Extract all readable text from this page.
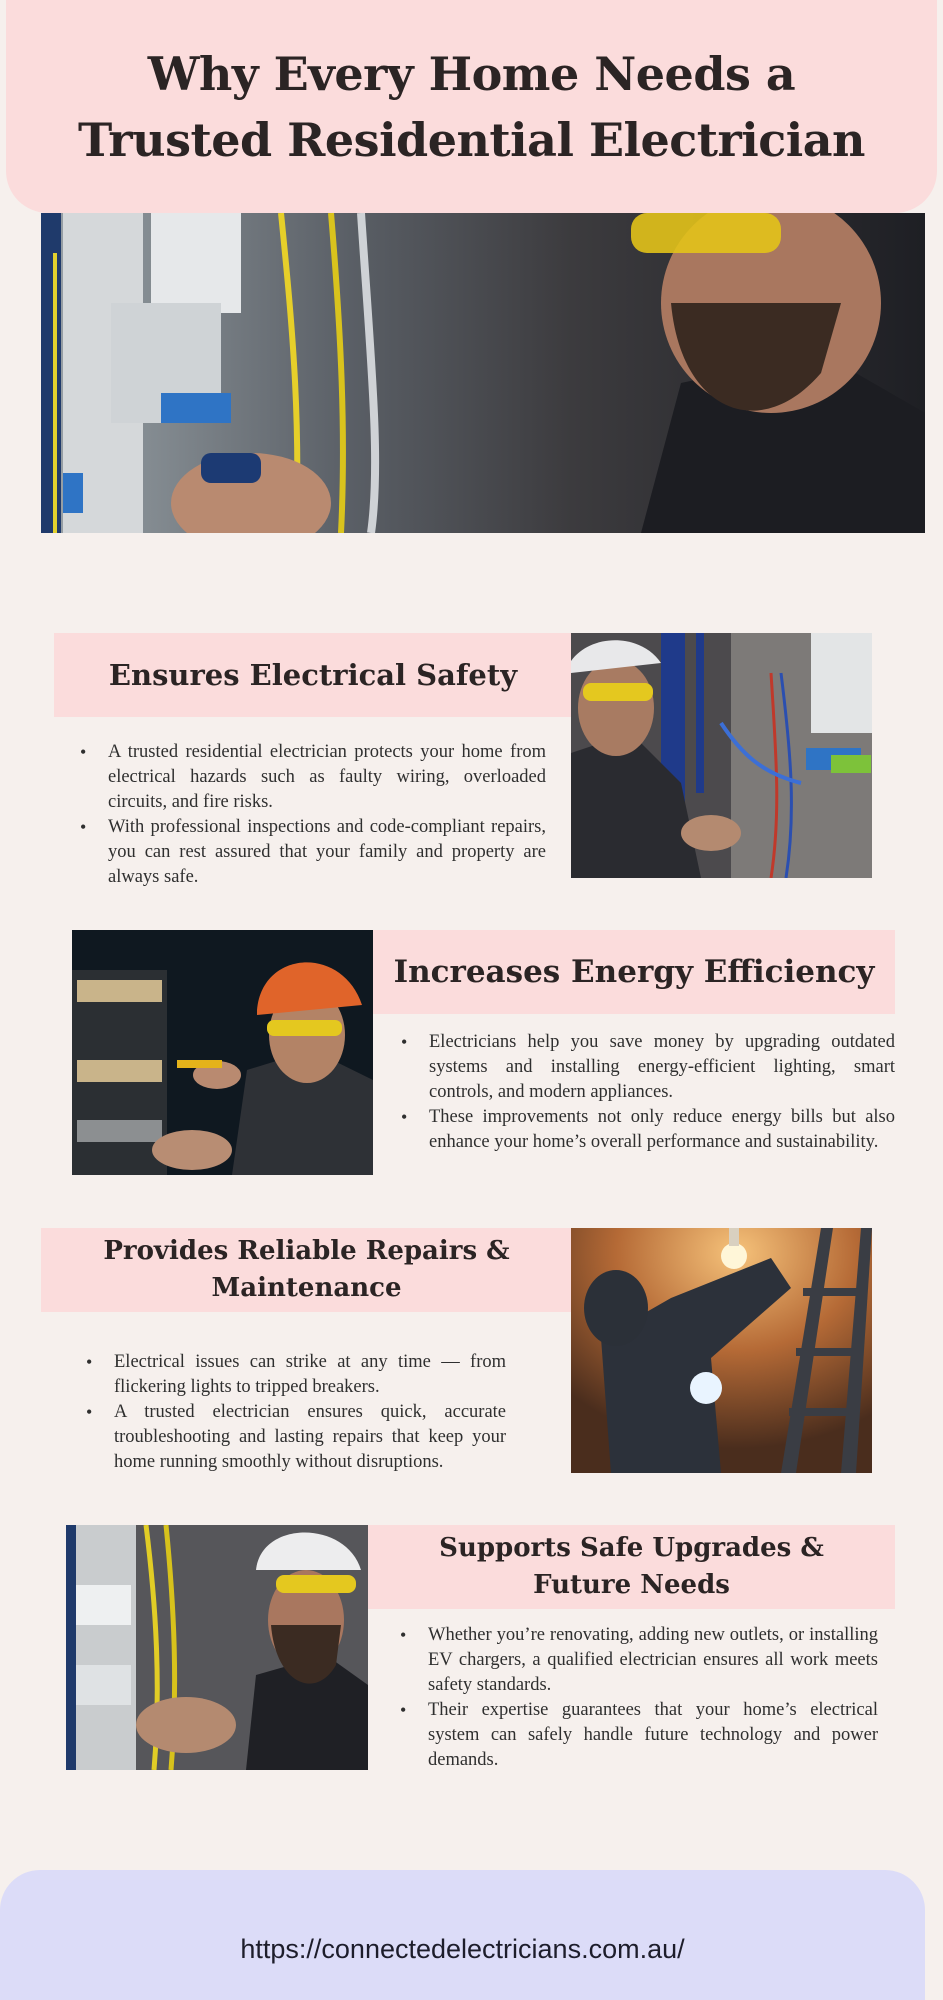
Why Every Home Needs a Trusted Residential Electrician
Ensures Electrical Safety
• A trusted residential electrician protects your home from electrical hazards such as faulty wiring, overloaded circuits, and fire risks.
• With professional inspections and code-compliant repairs, you can rest assured that your family and property are always safe.
Increases Energy Efficiency
• Electricians help you save money by upgrading outdated systems and installing energy-efficient lighting, smart controls, and modern appliances.
• These improvements not only reduce energy bills but also enhance your home’s overall performance and sustainability.
Provides Reliable Repairs & Maintenance
• Electrical issues can strike at any time — from flickering lights to tripped breakers.
• A trusted electrician ensures quick, accurate troubleshooting and lasting repairs that keep your home running smoothly without disruptions.
Supports Safe Upgrades & Future Needs
• Whether you’re renovating, adding new outlets, or installing EV chargers, a qualified electrician ensures all work meets safety standards.
• Their expertise guarantees that your home’s electrical system can safely handle future technology and power demands.
https://connectedelectricians.com.au/
